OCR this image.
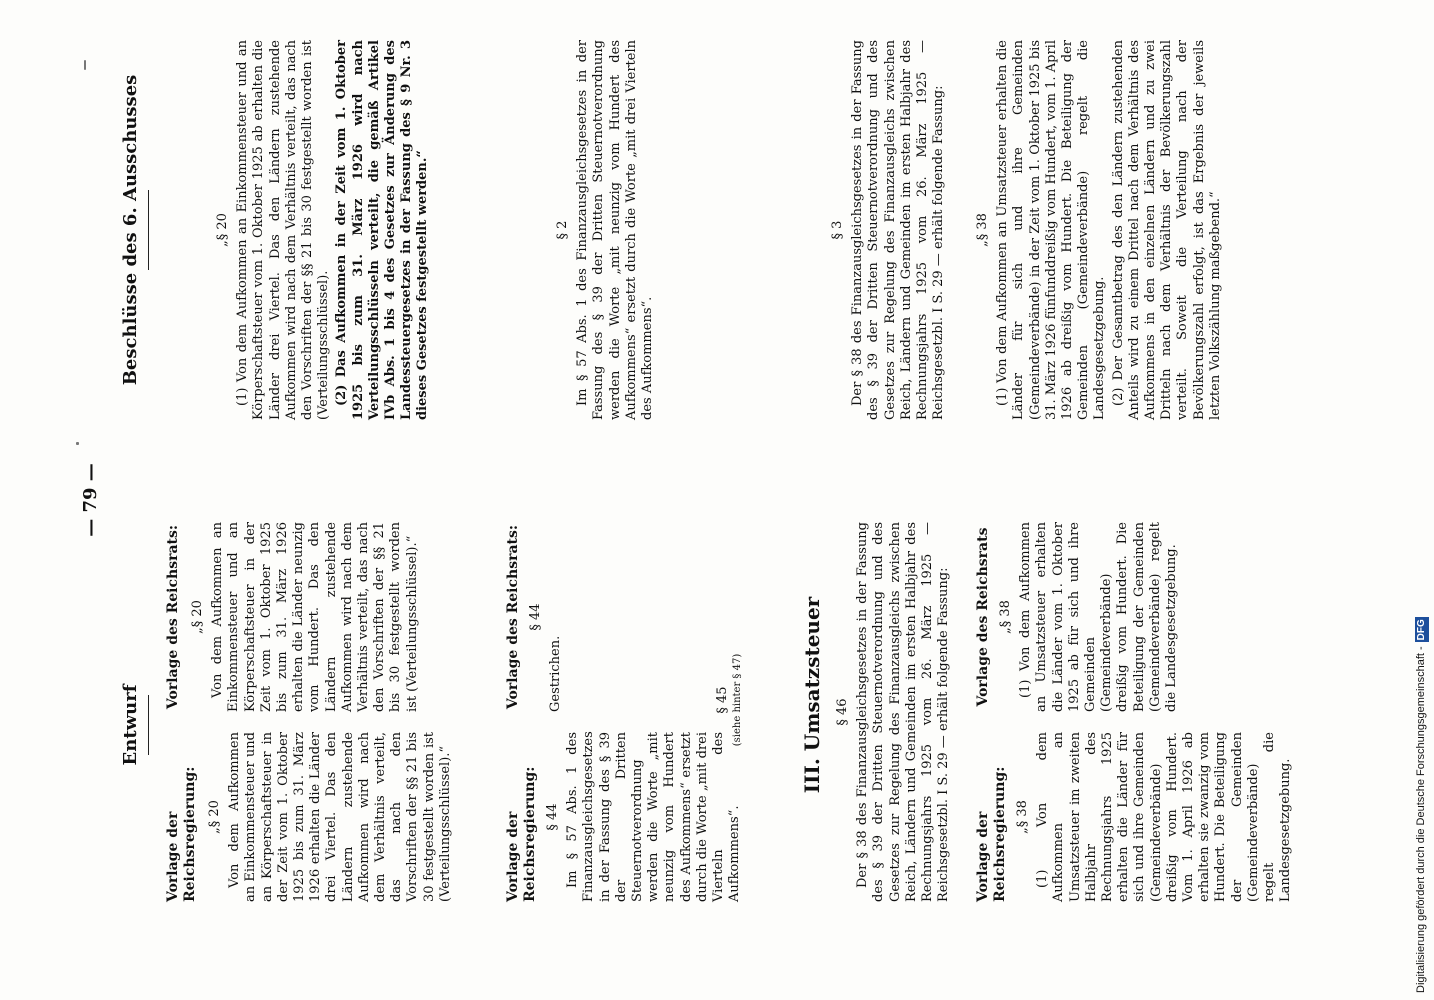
— 79 —
Entwurf
Beschlüsse des 6. Ausschusses
Vorlage der Reichsregierung: „§ 20 Von dem Aufkommen an Einkommensteuer und an Körperschaftsteuer in der Zeit vom 1. Oktober 1925 bis zum 31. März 1926 erhalten die Länder drei Viertel. Das den Ländern zustehende Aufkommen wird nach dem Verhältnis verteilt, das nach den Vorschriften der §§ 21 bis 30 festgestellt worden ist (Verteilungsschlüssel).“
Vorlage des Reichsrats: „§ 20 Von dem Aufkommen an Einkommensteuer und an Körperschaftsteuer in der Zeit vom 1. Oktober 1925 bis zum 31. März 1926 erhalten die Länder neunzig vom Hundert. Das den Ländern zustehende Aufkommen wird nach dem Verhältnis verteilt, das nach den Vorschriften der §§ 21 bis 30 festgestellt worden ist (Verteilungsschlüssel).“
„§ 20 (1) Von dem Aufkommen an Einkommensteuer und an Körperschaftsteuer vom 1. Oktober 1925 ab erhalten die Länder drei Viertel. Das den Ländern zustehende Aufkommen wird nach dem Verhältnis verteilt, das nach den Vorschriften der §§ 21 bis 30 festgestellt worden ist (Verteilungsschlüssel). (2) Das Aufkommen in der Zeit vom 1. Oktober 1925 bis zum 31. März 1926 wird nach Verteilungsschlüsseln verteilt, die gemäß Artikel IVb Abs. 1 bis 4 des Gesetzes zur Änderung des Landessteuergesetzes in der Fassung des § 9 Nr. 3 dieses Gesetzes festgestellt werden.“
Vorlage der Reichsregierung: § 44 Im § 57 Abs. 1 des Finanzausgleichsgesetzes in der Fassung des § 39 der Dritten Steuernotverordnung werden die Worte „mit neunzig vom Hundert des Aufkommens“ ersetzt durch die Worte „mit drei Vierteln des Aufkommens“.
Vorlage des Reichsrats: § 44
Gestrichen.
§ 2 Im § 57 Abs. 1 des Finanzausgleichsgesetzes in der Fassung des § 39 der Dritten Steuernotverordnung werden die Worte „mit neunzig vom Hundert des Aufkommens“ ersetzt durch die Worte „mit drei Vierteln des Aufkommens“.
§ 45 (siehe hinter § 47)	III. Umsatzsteuer § 46 Der § 38 des Finanzausgleichsgesetzes in der Fassung des § 39 der Dritten Steuernotverordnung und des Gesetzes zur Regelung des Finanzausgleichs zwischen Reich, Ländern und Gemeinden im ersten Halbjahr des Rechnungsjahrs 1925 vom 26. März 1925 — Reichsgesetzbl. I S. 29 — erhält folgende Fassung:
§ 3 Der § 38 des Finanzausgleichsgesetzes in der Fassung des § 39 der Dritten Steuernotverordnung und des Gesetzes zur Regelung des Finanzausgleichs zwischen Reich, Ländern und Gemeinden im ersten Halbjahr des Rechnungsjahrs 1925 vom 26. März 1925 — Reichsgesetzbl. I S. 29 — erhält folgende Fassung:
Vorlage der Reichsregierung: „§ 38 (1) Von dem Aufkommen an Umsatzsteuer im zweiten Halbjahr des Rechnungsjahrs 1925 erhalten die Länder für sich und ihre Gemeinden (Gemeindeverbände) dreißig vom Hundert. Vom 1. April 1926 ab erhalten sie zwanzig vom Hundert. Die Beteiligung der Gemeinden (Gemeindeverbände) regelt die Landesgesetzgebung.
Vorlage des Reichsrats „§ 38 (1) Von dem Aufkommen an Umsatzsteuer erhalten die Länder vom 1. Oktober 1925 ab für sich und ihre Gemeinden (Gemeindeverbände) dreißig vom Hundert. Die Beteiligung der Gemeinden (Gemeindeverbände) regelt die Landesgesetzgebung.
„§ 38 (1) Von dem Aufkommen an Umsatzsteuer erhalten die Länder für sich und ihre Gemeinden (Gemeindeverbände) in der Zeit vom 1. Oktober 1925 bis 31. März 1926 fünfunddreißig vom Hundert, vom 1. April 1926 ab dreißig vom Hundert. Die Beteiligung der Gemeinden (Gemeindeverbände) regelt die Landesgesetzgebung. (2) Der Gesamtbetrag des den Ländern zustehenden Anteils wird zu einem Drittel nach dem Verhältnis des Aufkommens in den einzelnen Ländern und zu zwei Dritteln nach dem Verhältnis der Bevölkerungszahl verteilt. Soweit die Verteilung nach der Bevölkerungszahl erfolgt, ist das Ergebnis der jeweils letzten Volkszählung maßgebend.“
Digitalisierung gefördert durch die Deutsche Forschungsgemeinschaft -DFG
